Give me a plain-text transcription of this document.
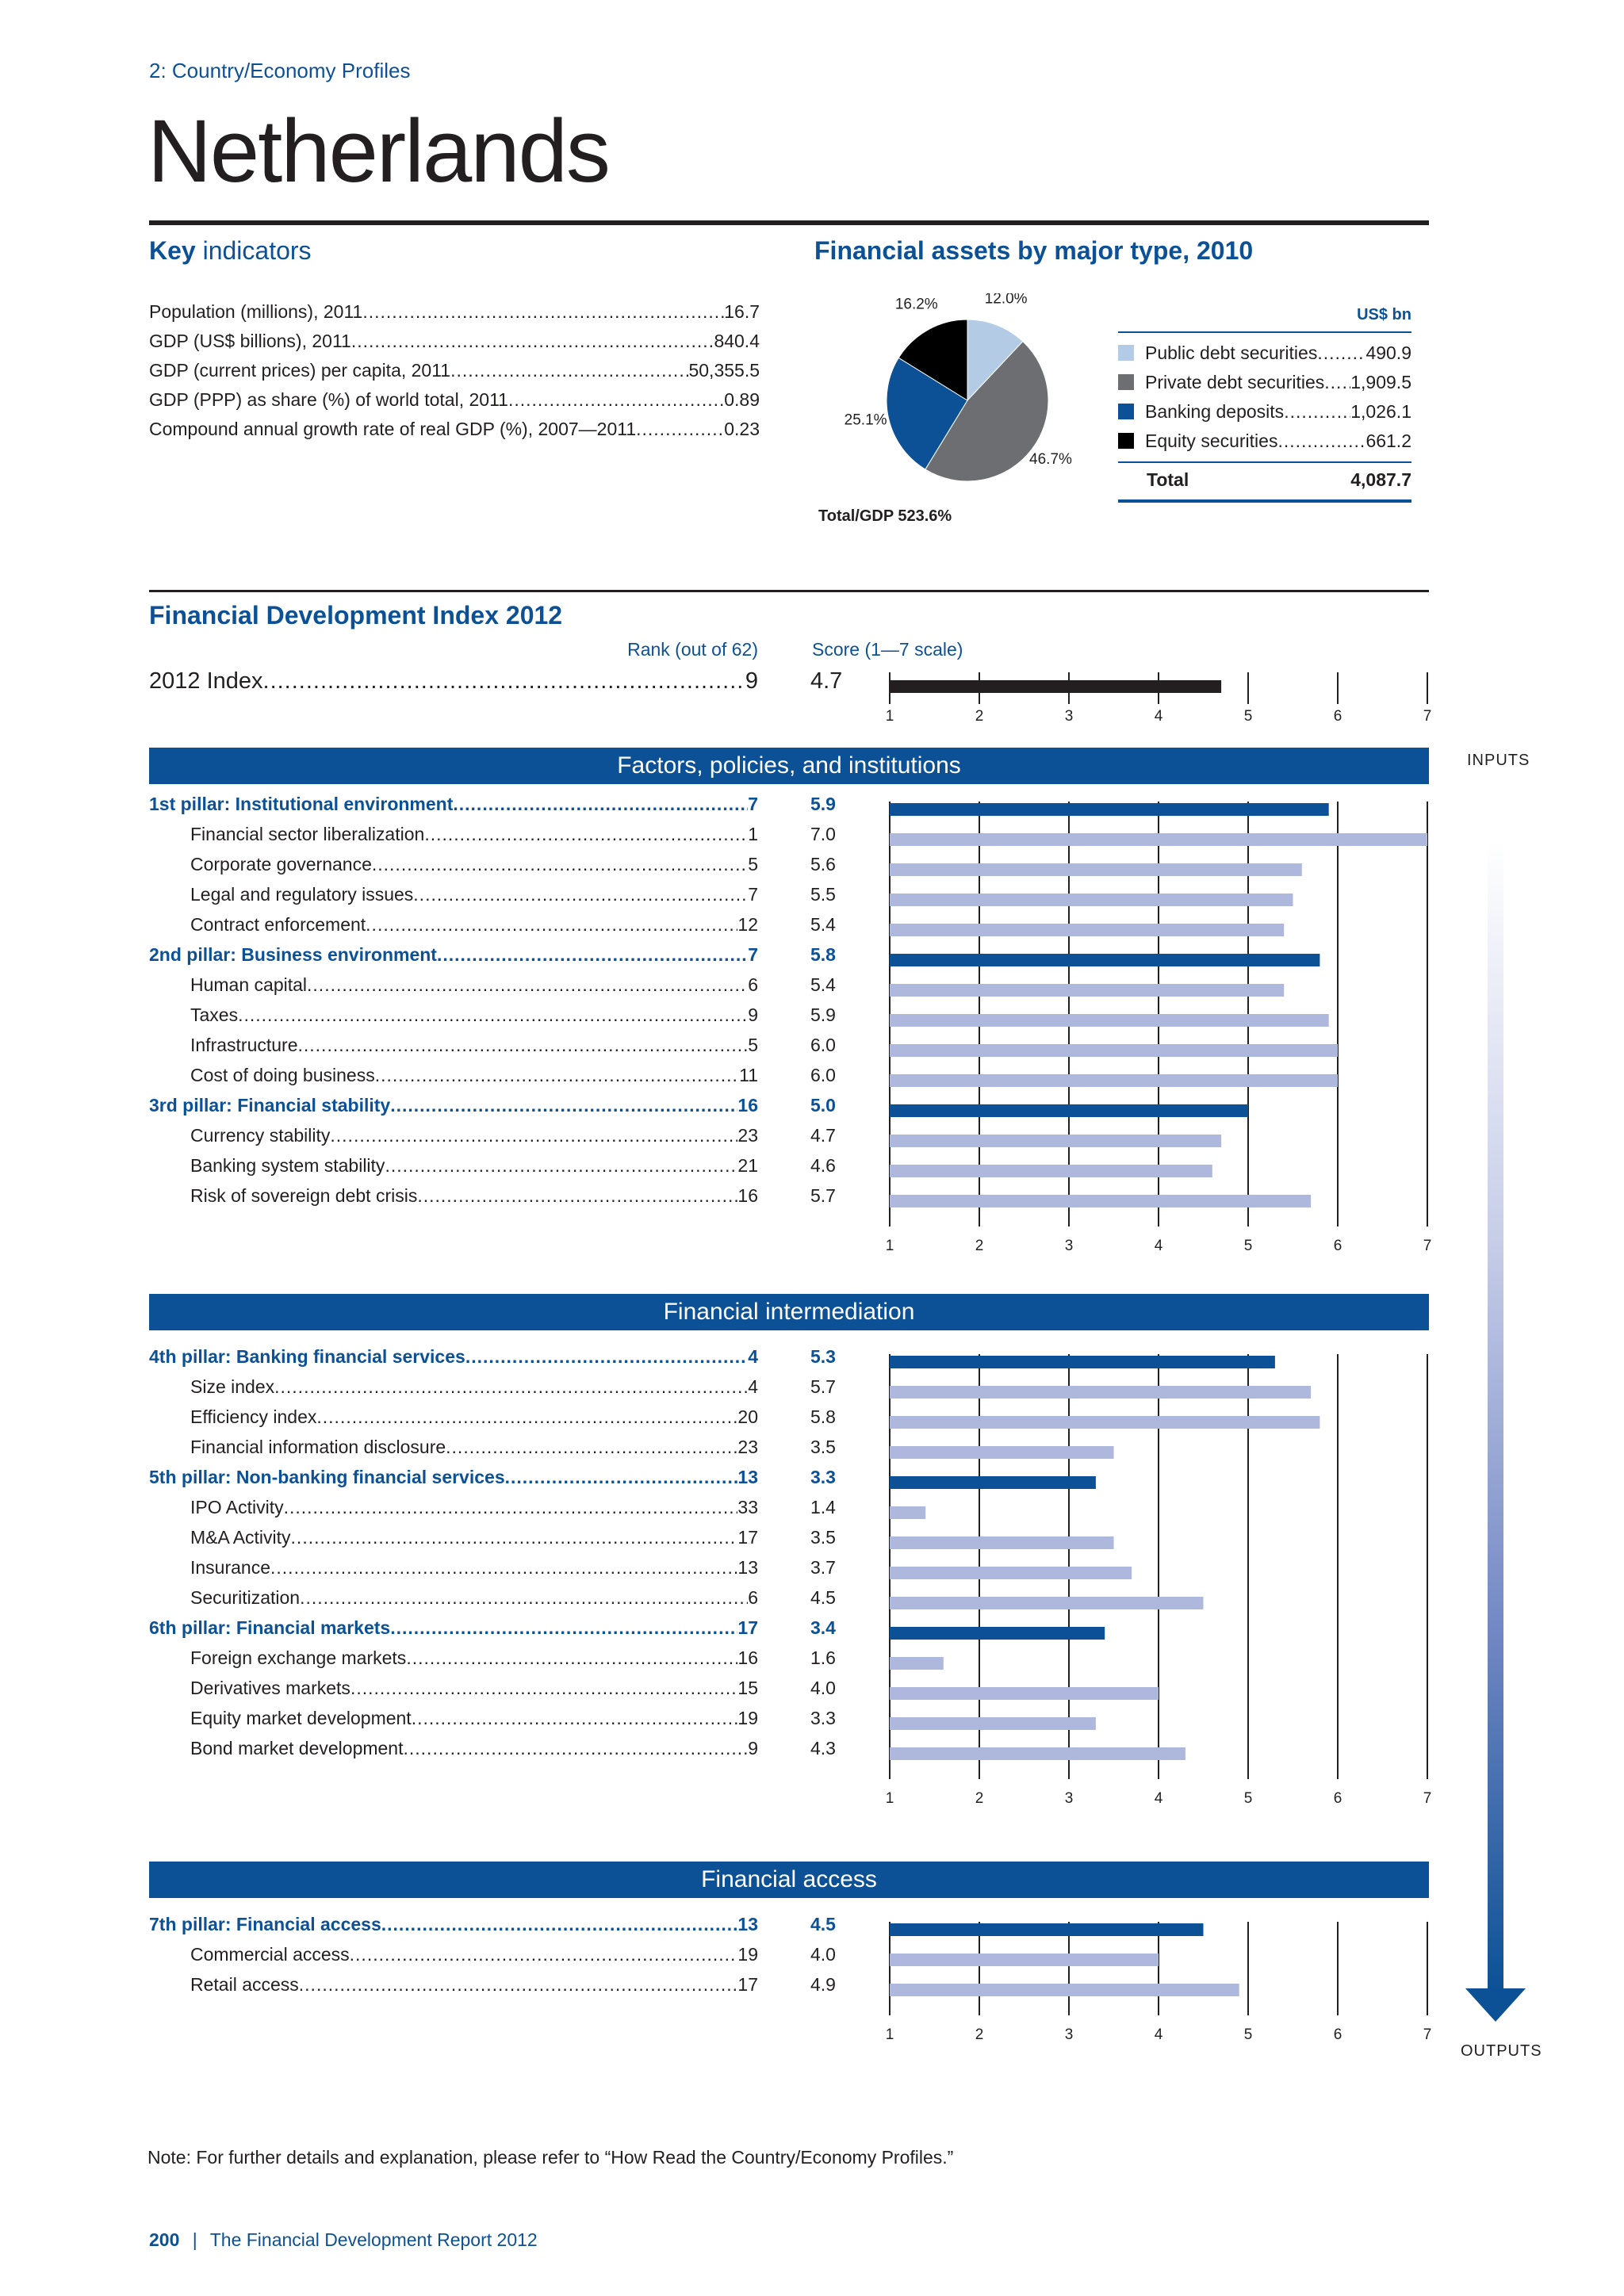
2: Country/Economy Profiles
Netherlands
Key indicators
Population (millions), 2011 .....	16.7
GDP (US$ billions), 2011 .....	840.4
GDP (current prices) per capita, 2011 .....	50,355.5
GDP (PPP) as share (%) of world total, 2011 .....	0.89
Compound annual growth rate of real GDP (%), 2007—2011 .....	0.23
Financial assets by major type, 2010
12.0%
46.7%
25.1%
16.2%
Total/GDP 523.6%
US$ bn
Public debt securities .....	490.9
Private debt securities ..... 1,909.5
Banking deposits .....	1,026.1
Equity securities .....	661.2
Total	4,087.7
Financial Development Index 2012
Rank (out of 62)	Score (1—7 scale)
2012 Index .....	9 4.7
1st pillar: Institutional environment .....	7	5.9
Financial sector liberalization .....	1	7.0
Corporate governance .....	5	5.6
Legal and regulatory issues .....	7	5.5
Contract enforcement .....	12	5.4
2nd pillar: Business environment .....	7	5.8
Human capital .....	6	5.4
Taxes .....	9	5.9
Infrastructure .....	5	6.0
Cost of doing business .....	11	6.0
3rd pillar: Financial stability .....	16	5.0
Currency stability .....	23	4.7
Banking system stability .....	21	4.6
Risk of sovereign debt crisis .....	16	5.7
4th pillar: Banking financial services .....	4	5.3
Size index .....	4	5.7
Efficiency index .....	20	5.8
Financial information disclosure .....	23	3.5
5th pillar: Non-banking financial services .....	13	3.3
IPO Activity .....	33	1.4
M&A Activity .....	17	3.5
Insurance .....	13	3.7
Securitization .....	6	4.5
6th pillar: Financial markets .....	17	3.4
Foreign exchange markets .....	16	1.6
Derivatives markets .....	15	4.0
Equity market development .....	19	3.3
Bond market development .....	9	4.3
7th pillar: Financial access .....	13	4.5
Commercial access .....	19	4.0
Retail access .....	17	4.9
INPUTS
OUTPUTS
Note: For further details and explanation, please refer to “How Read the Country/Economy Profiles.”
200 | The Financial Development Report 2012
1	2	3	4	5	6	7
Factors, policies, and institutions
1	2	3	4	5	6	7
Financial intermediation
1	2	3	4	5	6	7
Financial access
1	2	3	4	5	6	7
